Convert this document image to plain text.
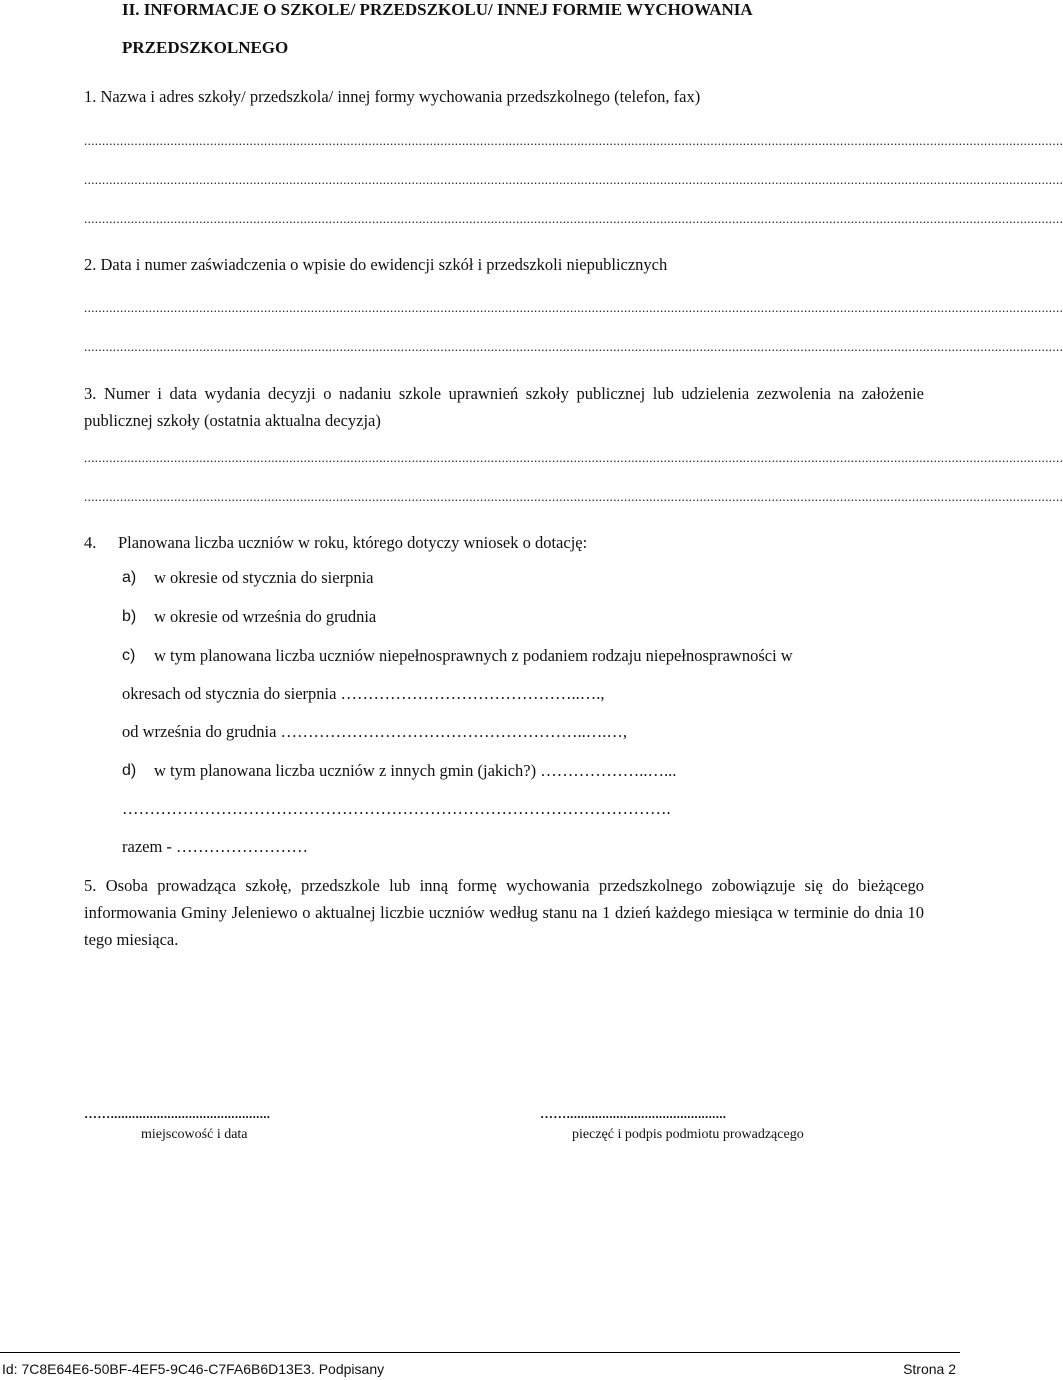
II. INFORMACJE O SZKOLE/ PRZEDSZKOLU/ INNEJ FORMIE WYCHOWANIA
PRZEDSZKOLNEGO
1. Nazwa i adres szkoły/ przedszkola/ innej formy wychowania przedszkolnego (telefon, fax)
................................................................................................................................................................................................................................................................................
................................................................................................................................................................................................................................................................................
................................................................................................................................................................................................................................................................................
2. Data i numer zaświadczenia o wpisie do ewidencji szkół i przedszkoli niepublicznych
................................................................................................................................................................................................................................................................................
................................................................................................................................................................................................................................................................................
3. Numer i data wydania decyzji o nadaniu szkole uprawnień szkoły publicznej lub udzielenia zezwolenia na założenie publicznej szkoły (ostatnia aktualna decyzja)
................................................................................................................................................................................................................................................................................
................................................................................................................................................................................................................................................................................
4. Planowana liczba uczniów w roku, którego dotyczy wniosek o dotację:
a) w okresie od stycznia do sierpnia
b) w okresie od września do grudnia
c) w tym planowana liczba uczniów niepełnosprawnych z podaniem rodzaju niepełnosprawności w
okresach od stycznia do sierpnia ……………………………………..….,
od września do grudnia ………………………………………………..….…,
d) w tym planowana liczba uczniów z innych gmin (jakich?) ………………..…...
……………………………………………………………………………………….
razem - ……………………
5. Osoba prowadząca szkołę, przedszkole lub inną formę wychowania przedszkolnego zobowiązuje się do bieżącego informowania Gminy Jeleniewo o aktualnej liczbie uczniów według stanu na 1 dzień każdego miesiąca w terminie do dnia 10 tego miesiąca.
…….............................................
miejscowość i data
…….............................................
pieczęć i podpis podmiotu prowadzącego
Id: 7C8E64E6-50BF-4EF5-9C46-C7FA6B6D13E3. Podpisany	Strona 2
